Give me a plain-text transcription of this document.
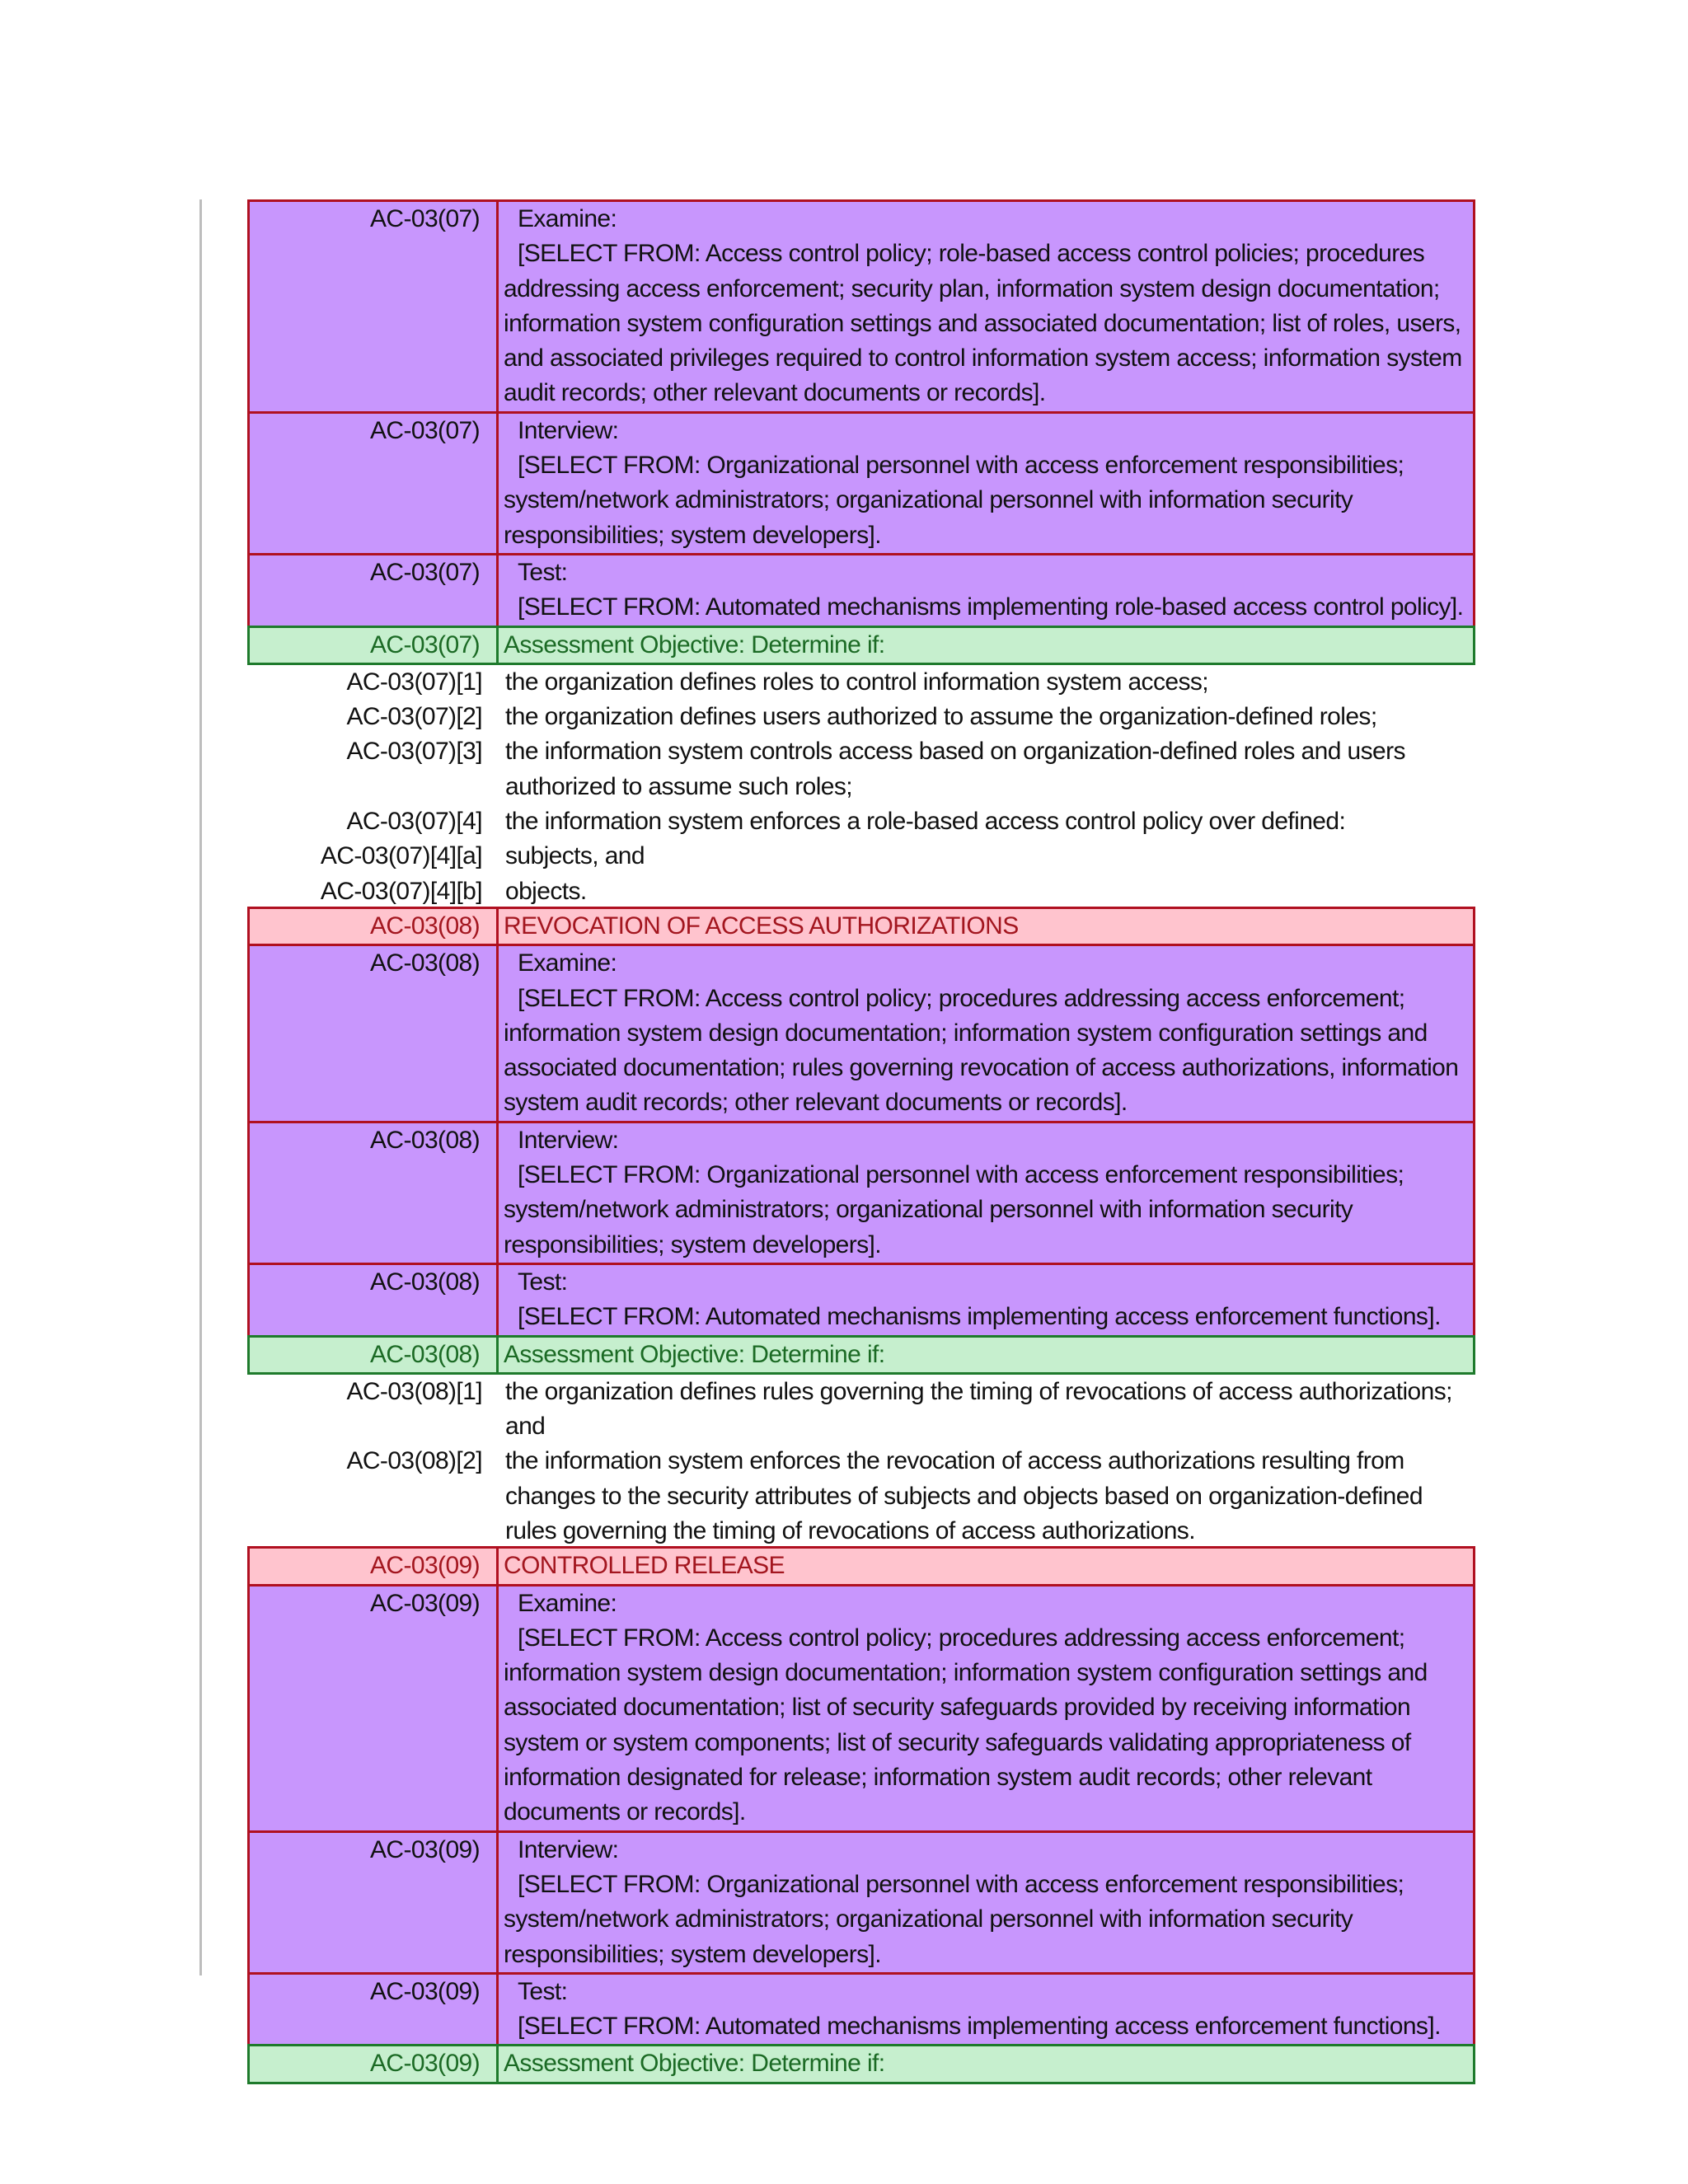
AC-03(07)	Examine:
[SELECT FROM: Access control policy; role-based access control policies; procedures addressing access enforcement; security plan, information system design documentation; information system configuration settings and associated documentation; list of roles, users, and associated privileges required to control information system access; information system audit records; other relevant documents or records].
AC-03(07)	Interview:
[SELECT FROM: Organizational personnel with access enforcement responsibilities; system/network administrators; organizational personnel with information security responsibilities; system developers].
AC-03(07)	Test:
[SELECT FROM: Automated mechanisms implementing role-based access control policy].
AC-03(07) Assessment Objective: Determine if:
AC-03(07)[1] the organization defines roles to control information system access;
AC-03(07)[2] the organization defines users authorized to assume the organization-defined roles;
AC-03(07)[3] the information system controls access based on organization-defined roles and users authorized to assume such roles;
AC-03(07)[4] the information system enforces a role-based access control policy over defined:
AC-03(07)[4][a] subjects, and
AC-03(07)[4][b] objects.
AC-03(08) REVOCATION OF ACCESS AUTHORIZATIONS
AC-03(08)	Examine:
[SELECT FROM: Access control policy; procedures addressing access enforcement; information system design documentation; information system configuration settings and associated documentation; rules governing revocation of access authorizations, information system audit records; other relevant documents or records].
AC-03(08)	Interview:
[SELECT FROM: Organizational personnel with access enforcement responsibilities; system/network administrators; organizational personnel with information security responsibilities; system developers].
AC-03(08)	Test:
[SELECT FROM: Automated mechanisms implementing access enforcement functions].
AC-03(08) Assessment Objective: Determine if:
AC-03(08)[1] the organization defines rules governing the timing of revocations of access authorizations; and
AC-03(08)[2] the information system enforces the revocation of access authorizations resulting from changes to the security attributes of subjects and objects based on organization-defined rules governing the timing of revocations of access authorizations.
AC-03(09) CONTROLLED RELEASE
AC-03(09)	Examine:
[SELECT FROM: Access control policy; procedures addressing access enforcement; information system design documentation; information system configuration settings and associated documentation; list of security safeguards provided by receiving information system or system components; list of security safeguards validating appropriateness of information designated for release; information system audit records; other relevant documents or records].
AC-03(09)	Interview:
[SELECT FROM: Organizational personnel with access enforcement responsibilities; system/network administrators; organizational personnel with information security responsibilities; system developers].
AC-03(09)	Test:
[SELECT FROM: Automated mechanisms implementing access enforcement functions].
AC-03(09) Assessment Objective: Determine if:
